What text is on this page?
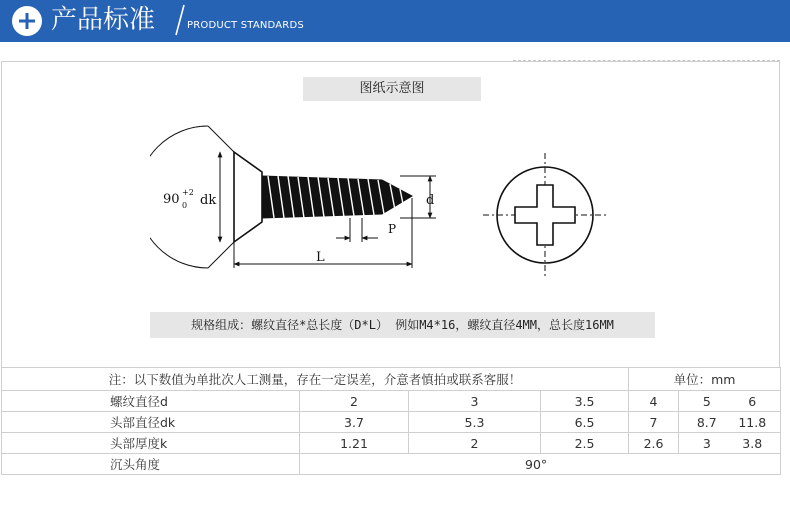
产品标准	PRODUCT STANDARDS
图纸示意图
90 +2
0 dk	d
P
L
规格组成：螺纹直径*总长度（D*L） 例如M4*16，螺纹直径4MM，总长度16MM
注：以下数值为单批次人工测量，存在一定误差，介意者慎拍或联系客服！				单位：mm	
螺纹直径d	2	3	3.5	4	5 6
头部直径dk	3.7	5.3	6.5	7	8.7 11.8
头部厚度k	1.21	2	2.5	2.6	3 3.8
沉头角度	90°				
